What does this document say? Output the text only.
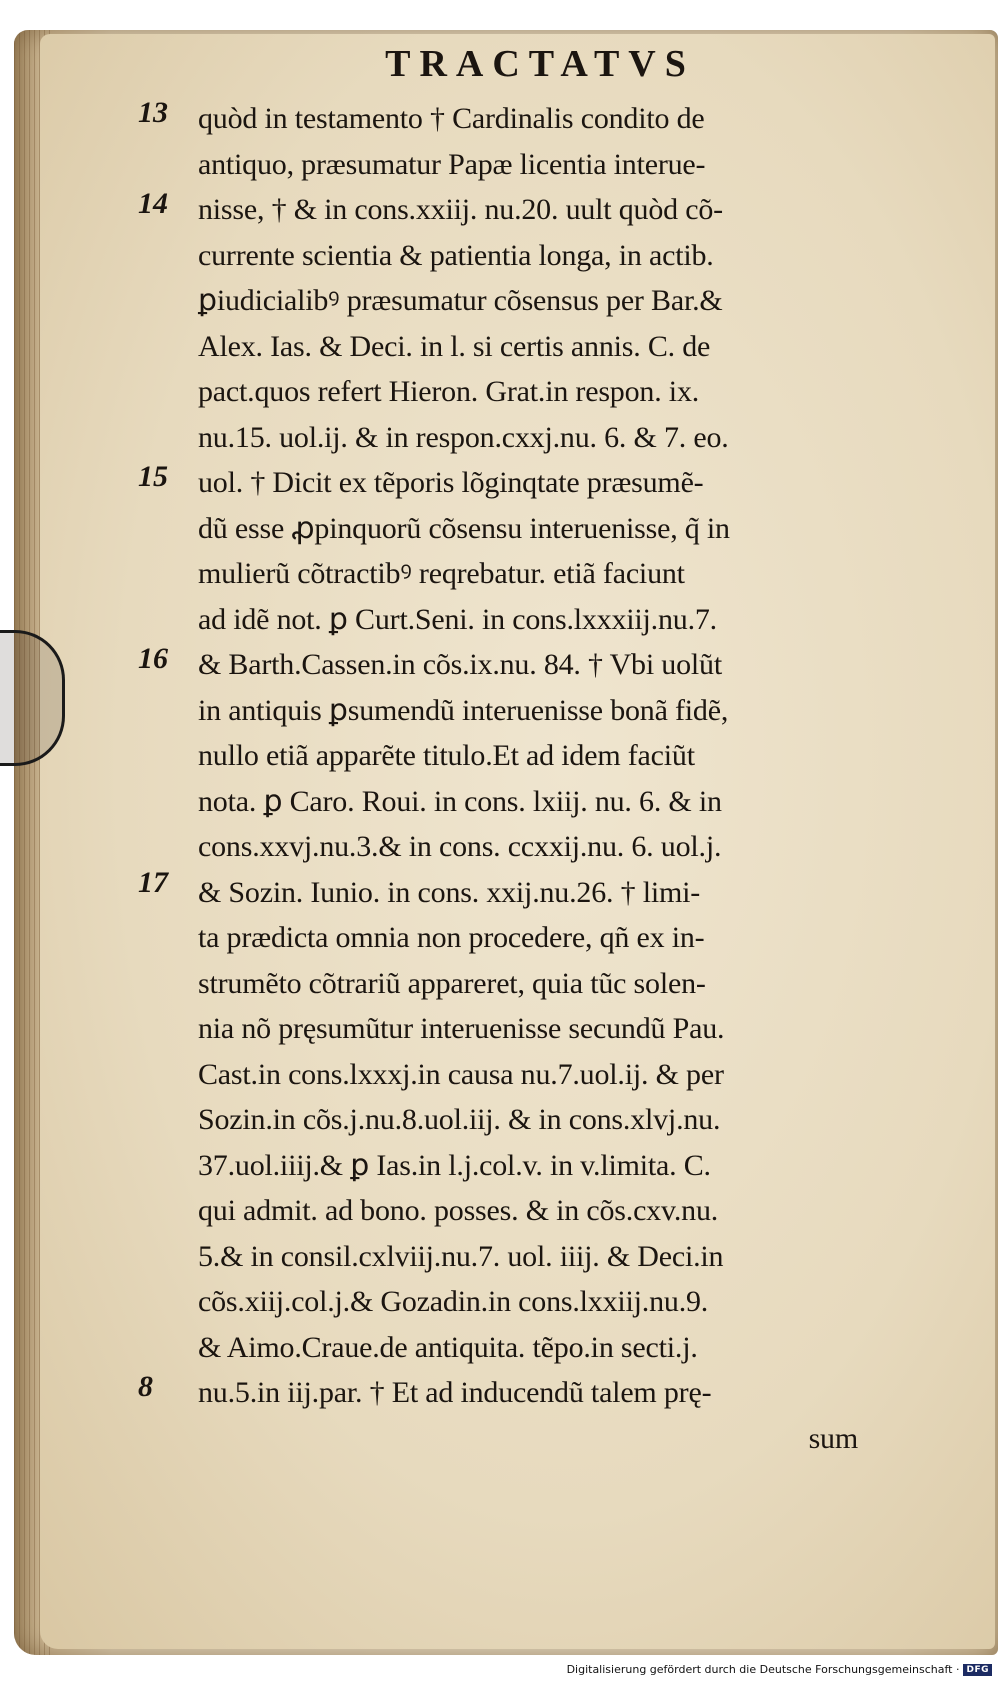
TRACTATVS
13
14
15
16
17
8
quòd in testamento † Cardinalis condito de
antiquo, præsumatur Papæ licentia interue-
nisse, † & in cons.xxiij. nu.20. uult quòd cõ-
currente scientia & patientia longa, in actib.
ꝑiudicialibꝰ præsumatur cõsensus per Bar.&
Alex. Ias. & Deci. in l. si certis annis. C. de
pact.quos refert Hieron. Grat.in respon. ix.
nu.15. uol.ij. & in respon.cxxj.nu. 6. & 7. eo.
uol. † Dicit ex tẽporis lõginqtate præsumẽ-
dũ esse ꝓpinquorũ cõsensu interuenisse, q̃ in
mulierũ cõtractibꝰ reqrebatur. etiã faciunt
ad idẽ not. ꝑ Curt.Seni. in cons.lxxxiij.nu.7.
& Barth.Cassen.in cõs.ix.nu. 84. † Vbi uolũt
in antiquis ꝑsumendũ interuenisse bonã fidẽ,
nullo etiã apparẽte titulo.Et ad idem faciũt
nota. ꝑ Caro. Roui. in cons. lxiij. nu. 6. & in
cons.xxvj.nu.3.& in cons. ccxxij.nu. 6. uol.j.
& Sozin. Iunio. in cons. xxij.nu.26. † limi-
ta prædicta omnia non procedere, qñ ex in-
strumẽto cõtrariũ appareret, quia tũc solen-
nia nõ pręsumũtur interuenisse secundũ Pau.
Cast.in cons.lxxxj.in causa nu.7.uol.ij. & per
Sozin.in cõs.j.nu.8.uol.iij. & in cons.xlvj.nu.
37.uol.iiij.& ꝑ Ias.in l.j.col.v. in v.limita. C.
qui admit. ad bono. posses. & in cõs.cxv.nu.
5.& in consil.cxlviij.nu.7. uol. iiij. & Deci.in
cõs.xiij.col.j.& Gozadin.in cons.lxxiij.nu.9.
& Aimo.Craue.de antiquita. tẽpo.in secti.j.
nu.5.in iij.par. † Et ad inducendũ talem prę-
sum
Digitalisierung gefördert durch die Deutsche Forschungsgemeinschaft · DFG
